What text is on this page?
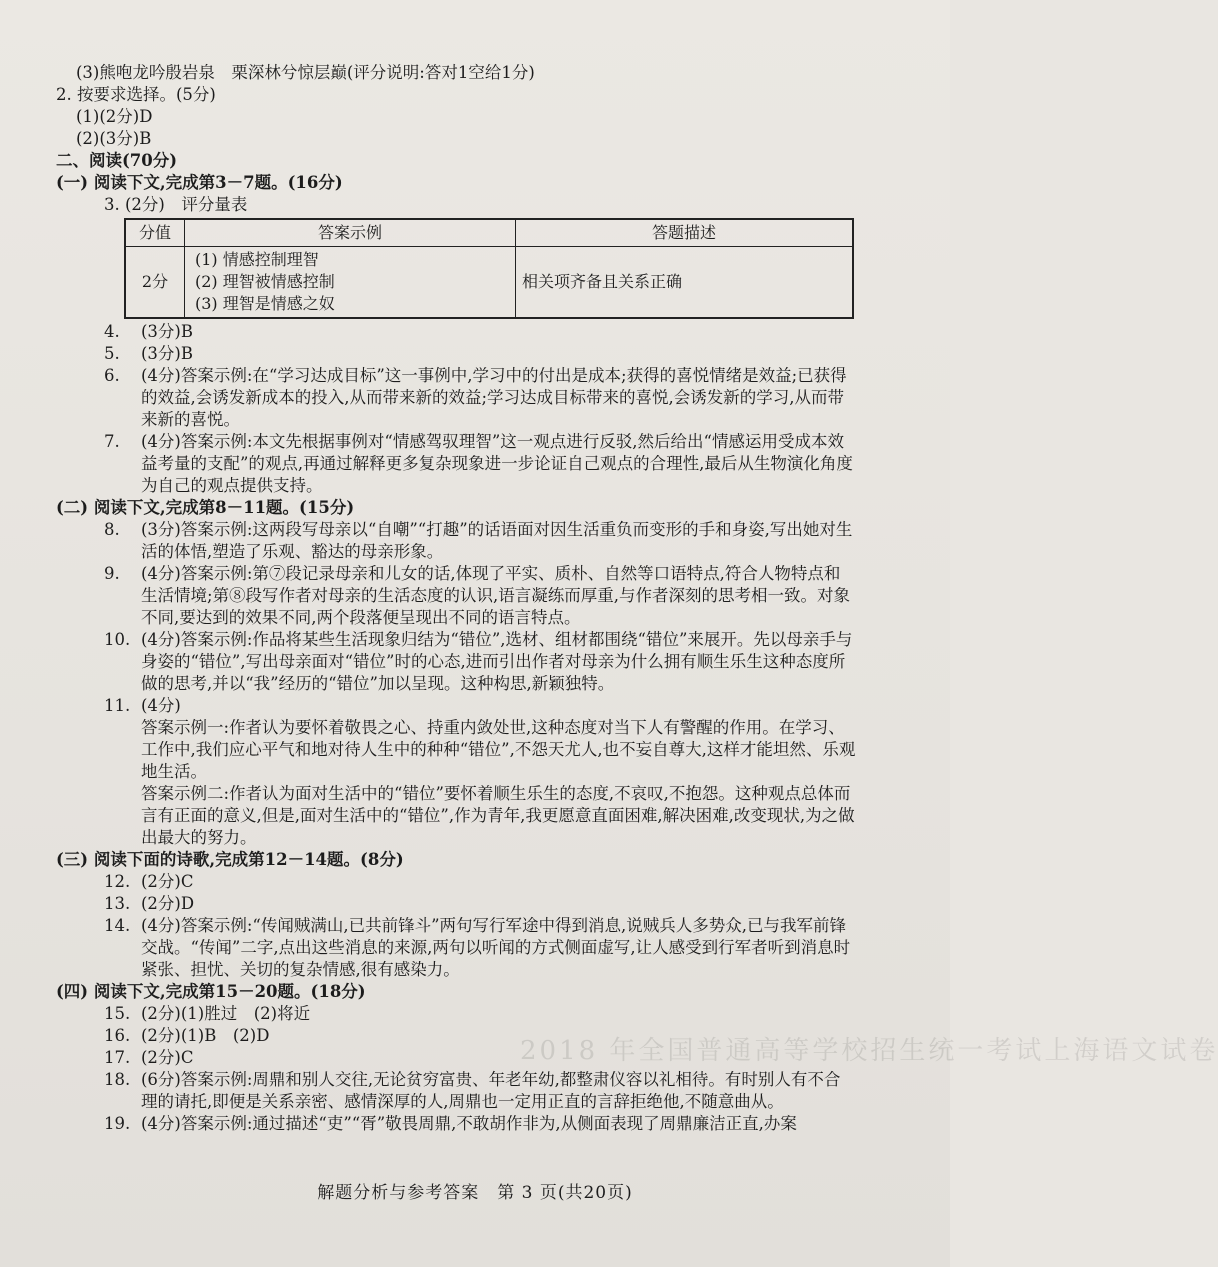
2018 年全国普通高等学校招生统一考试上海语文试卷
(3)熊咆龙吟殷岩泉　栗深林兮惊层巅(评分说明:答对1空给1分)
2. 按要求选择。(5分)
(1)(2分)D
(2)(3分)B
二、阅读(70分)
(一) 阅读下文,完成第3－7题。(16分)
3. (2分)　评分量表
分值	答案示例	答题描述
2分	(1) 情感控制理智
(2) 理智被情感控制
(3) 理智是情感之奴	相关项齐备且关系正确
4.	(3分)B
5.	(3分)B
6.	(4分)答案示例:在“学习达成目标”这一事例中,学习中的付出是成本;获得的喜悦情绪是效益;已获得的效益,会诱发新成本的投入,从而带来新的效益;学习达成目标带来的喜悦,会诱发新的学习,从而带来新的喜悦。
7.	(4分)答案示例:本文先根据事例对“情感驾驭理智”这一观点进行反驳,然后给出“情感运用受成本效益考量的支配”的观点,再通过解释更多复杂现象进一步论证自己观点的合理性,最后从生物演化角度为自己的观点提供支持。
(二) 阅读下文,完成第8－11题。(15分)
8.	(3分)答案示例:这两段写母亲以“自嘲”“打趣”的话语面对因生活重负而变形的手和身姿,写出她对生活的体悟,塑造了乐观、豁达的母亲形象。
9.	(4分)答案示例:第⑦段记录母亲和儿女的话,体现了平实、质朴、自然等口语特点,符合人物特点和生活情境;第⑧段写作者对母亲的生活态度的认识,语言凝练而厚重,与作者深刻的思考相一致。对象不同,要达到的效果不同,两个段落便呈现出不同的语言特点。
10. (4分)答案示例:作品将某些生活现象归结为“错位”,选材、组材都围绕“错位”来展开。先以母亲手与身姿的“错位”,写出母亲面对“错位”时的心态,进而引出作者对母亲为什么拥有顺生乐生这种态度所做的思考,并以“我”经历的“错位”加以呈现。这种构思,新颖独特。
11. (4分)
答案示例一:作者认为要怀着敬畏之心、持重内敛处世,这种态度对当下人有警醒的作用。在学习、工作中,我们应心平气和地对待人生中的种种“错位”,不怨天尤人,也不妄自尊大,这样才能坦然、乐观地生活。
答案示例二:作者认为面对生活中的“错位”要怀着顺生乐生的态度,不哀叹,不抱怨。这种观点总体而言有正面的意义,但是,面对生活中的“错位”,作为青年,我更愿意直面困难,解决困难,改变现状,为之做出最大的努力。
(三) 阅读下面的诗歌,完成第12－14题。(8分)
12. (2分)C
13. (2分)D
14. (4分)答案示例:“传闻贼满山,已共前锋斗”两句写行军途中得到消息,说贼兵人多势众,已与我军前锋交战。“传闻”二字,点出这些消息的来源,两句以听闻的方式侧面虚写,让人感受到行军者听到消息时紧张、担忧、关切的复杂情感,很有感染力。
(四) 阅读下文,完成第15－20题。(18分)
15. (2分)(1)胜过　(2)将近
16. (2分)(1)B　(2)D
17. (2分)C
18. (6分)答案示例:周鼎和别人交往,无论贫穷富贵、年老年幼,都整肃仪容以礼相待。有时别人有不合理的请托,即便是关系亲密、感情深厚的人,周鼎也一定用正直的言辞拒绝他,不随意曲从。
19. (4分)答案示例:通过描述“吏”“胥”敬畏周鼎,不敢胡作非为,从侧面表现了周鼎廉洁正直,办案
解题分析与参考答案　第 3 页(共20页)
